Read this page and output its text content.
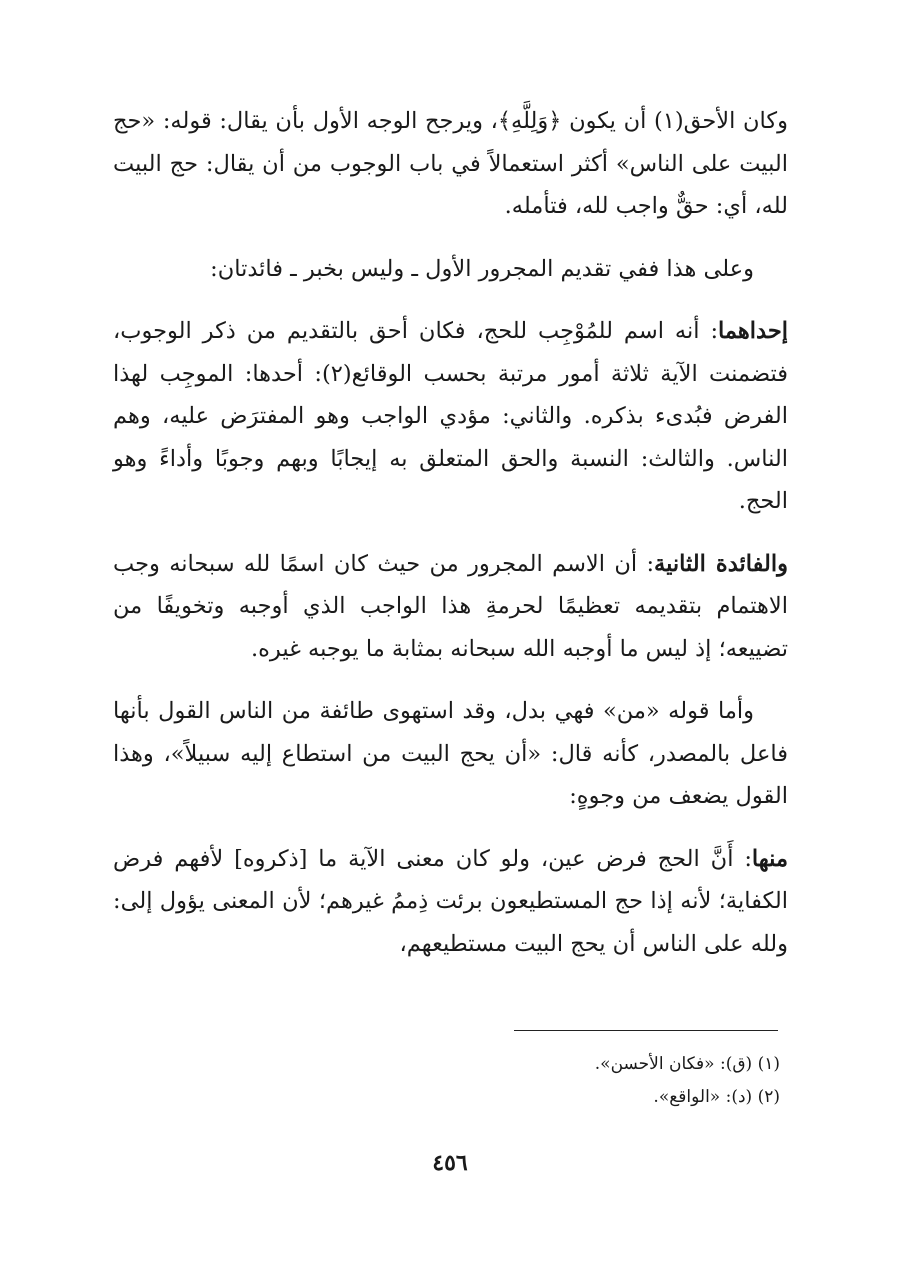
وكان الأحق(١) أن يكون ﴿وَلِلَّهِ﴾، ويرجح الوجه الأول بأن يقال: قوله: «حج البيت على الناس» أكثر استعمالاً في باب الوجوب من أن يقال: حج البيت لله، أي: حقٌّ واجب لله، فتأمله.

وعلى هذا ففي تقديم المجرور الأول ـ وليس بخبر ـ فائدتان:

إحداهما: أنه اسم للمُوْجِب للحج، فكان أحق بالتقديم من ذكر الوجوب، فتضمنت الآية ثلاثة أمور مرتبة بحسب الوقائع(٢): أحدها: الموجِب لهذا الفرض فبُدىء بذكره. والثاني: مؤدي الواجب وهو المفترَض عليه، وهم الناس. والثالث: النسبة والحق المتعلق به إيجابًا وبهم وجوبًا وأداءً وهو الحج.

والفائدة الثانية: أن الاسم المجرور من حيث كان اسمًا لله سبحانه وجب الاهتمام بتقديمه تعظيمًا لحرمةِ هذا الواجب الذي أوجبه وتخويفًا من تضييعه؛ إذ ليس ما أوجبه الله سبحانه بمثابة ما يوجبه غيره.

وأما قوله «من» فهي بدل، وقد استهوى طائفة من الناس القول بأنها فاعل بالمصدر، كأنه قال: «أن يحج البيت من استطاع إليه سبيلاً»، وهذا القول يضعف من وجوهٍ:

منها: أَنَّ الحج فرض عين، ولو كان معنى الآية ما [ذكروه] لأفهم فرض الكفاية؛ لأنه إذا حج المستطيعون برئت ذِممُ غيرهم؛ لأن المعنى يؤول إلى: ولله على الناس أن يحج البيت مستطيعهم،

(١) (ق): «فكان الأحسن».
(٢) (د): «الواقع».
٤٥٦
